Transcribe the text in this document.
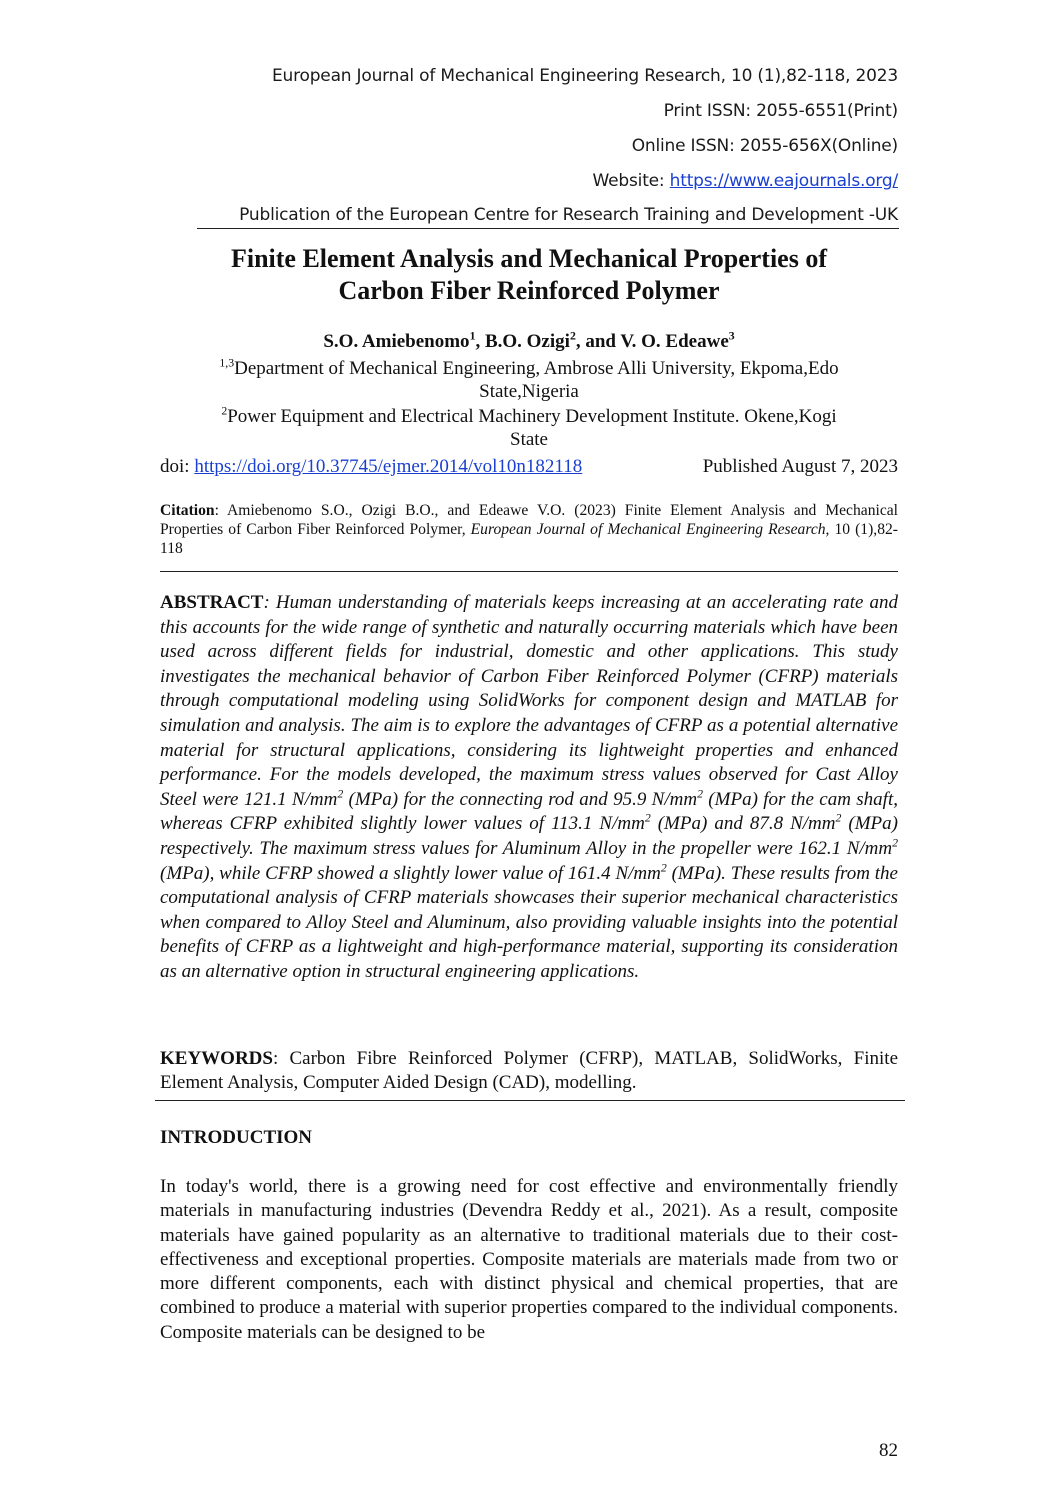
European Journal of Mechanical Engineering Research, 10 (1),82-118, 2023
Print ISSN: 2055-6551(Print)
Online ISSN: 2055-656X(Online)
Website: https://www.eajournals.org/
Publication of the European Centre for Research Training and Development -UK
Finite Element Analysis and Mechanical Properties of
Carbon Fiber Reinforced Polymer
S.O. Amiebenomo$^1$, B.O. Ozigi$^2$, and V. O. Edeawe$^3$
$^{1,3}$Department of Mechanical Engineering, Ambrose Alli University, Ekpoma,Edo
State,Nigeria
$^2$Power Equipment and Electrical Machinery Development Institute. Okene,Kogi
State
doi: https://doi.org/10.37745/ejmer.2014/vol10n182118	Published August 7, 2023
Citation: Amiebenomo S.O., Ozigi B.O., and Edeawe V.O. (2023) Finite Element Analysis and Mechanical Properties of Carbon Fiber Reinforced Polymer, European Journal of Mechanical Engineering Research, 10 (1),82-118
ABSTRACT: Human understanding of materials keeps increasing at an accelerating rate and this accounts for the wide range of synthetic and naturally occurring materials which have been used across different fields for industrial, domestic and other applications. This study investigates the mechanical behavior of Carbon Fiber Reinforced Polymer (CFRP) materials through computational modeling using SolidWorks for component design and MATLAB for simulation and analysis. The aim is to explore the advantages of CFRP as a potential alternative material for structural applications, considering its lightweight properties and enhanced performance. For the models developed, the maximum stress values observed for Cast Alloy Steel were 121.1 $N/mm^2$ (MPa) for the connecting rod and 95.9 $N/mm^2$ (MPa) for the cam shaft, whereas CFRP exhibited slightly lower values of 113.1 $N/mm^2$ (MPa) and 87.8 $N/mm^2$ (MPa) respectively. The maximum stress values for Aluminum Alloy in the propeller were 162.1 $N/mm^2$ (MPa), while CFRP showed a slightly lower value of 161.4 $N/mm^2$ (MPa). These results from the computational analysis of CFRP materials showcases their superior mechanical characteristics when compared to Alloy Steel and Aluminum, also providing valuable insights into the potential benefits of CFRP as a lightweight and high-performance material, supporting its consideration as an alternative option in structural engineering applications.
KEYWORDS: Carbon Fibre Reinforced Polymer (CFRP), MATLAB, SolidWorks, Finite Element Analysis, Computer Aided Design (CAD), modelling.
INTRODUCTION
In today's world, there is a growing need for cost effective and environmentally friendly materials in manufacturing industries (Devendra Reddy et al., 2021). As a result, composite materials have gained popularity as an alternative to traditional materials due to their cost-effectiveness and exceptional properties. Composite materials are materials made from two or more different components, each with distinct physical and chemical properties, that are combined to produce a material with superior properties compared to the individual components. Composite materials can be designed to be
82
